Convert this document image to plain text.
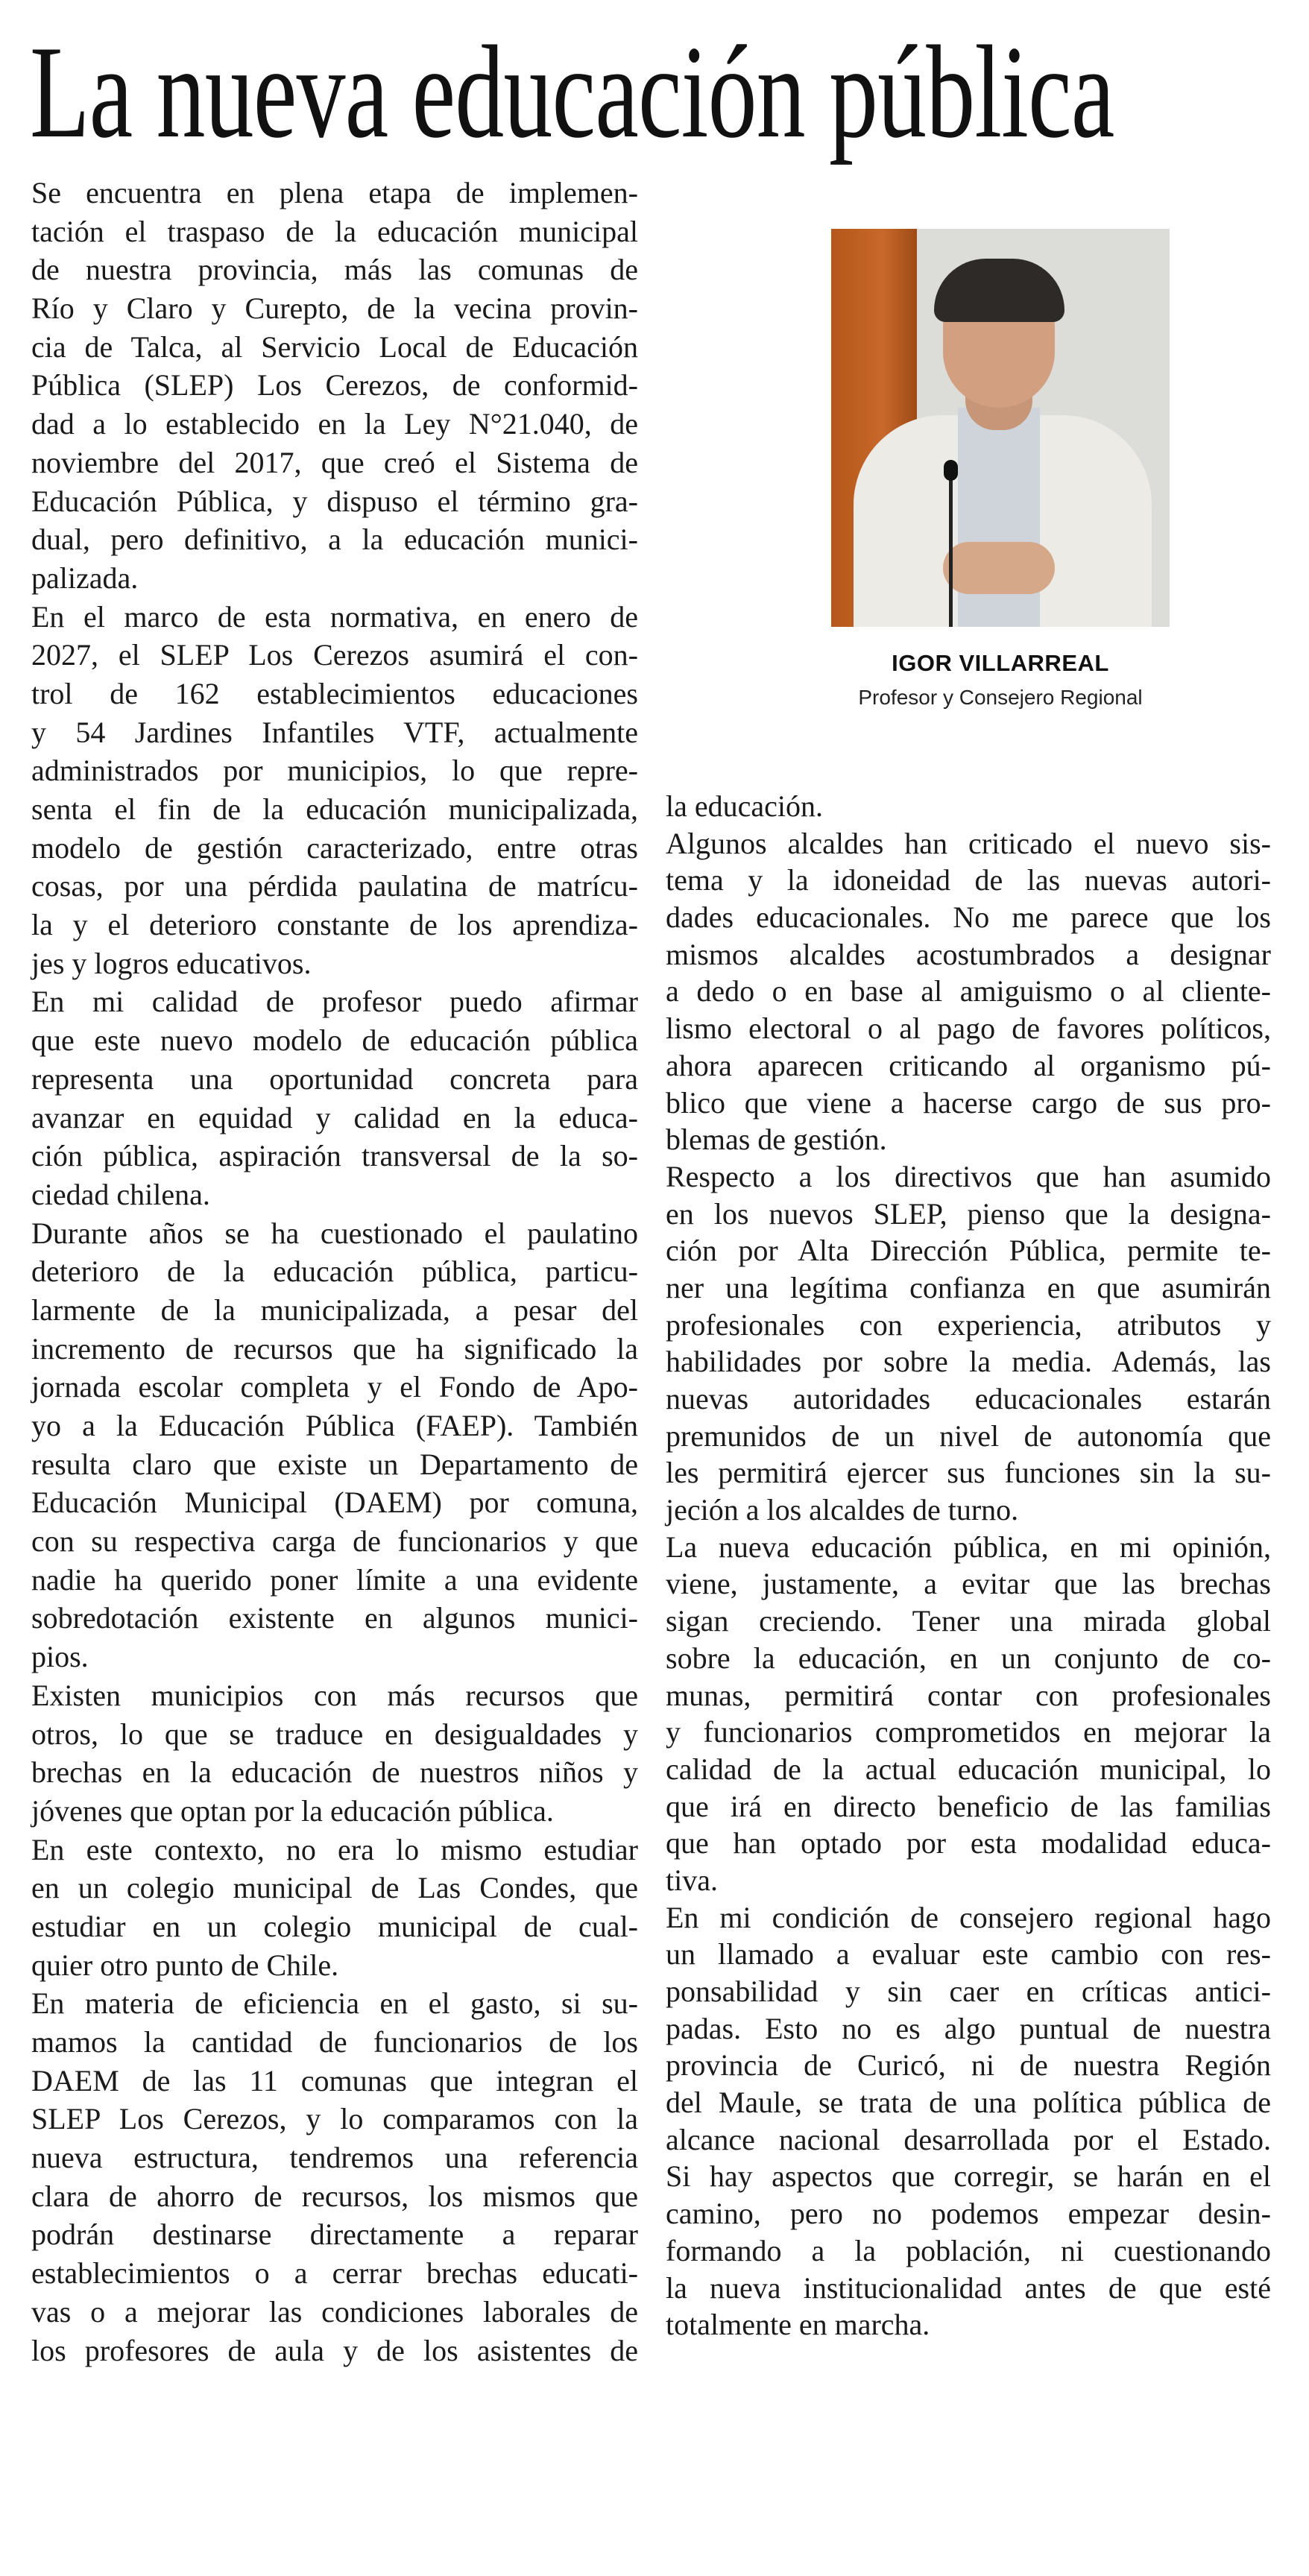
La nueva educación pública
IGOR VILLARREAL
Profesor y Consejero Regional
Se encuentra en plena etapa de implemen-
tación el traspaso de la educación municipal
de nuestra provincia, más las comunas de
Río y Claro y Curepto, de la vecina provin-
cia de Talca, al Servicio Local de Educación
Pública (SLEP) Los Cerezos, de conformid-
dad a lo establecido en la Ley N°21.040, de
noviembre del 2017, que creó el Sistema de
Educación Pública, y dispuso el término gra-
dual, pero definitivo, a la educación munici-
palizada.
En el marco de esta normativa, en enero de
2027, el SLEP Los Cerezos asumirá el con-
trol de 162 establecimientos educaciones
y 54 Jardines Infantiles VTF, actualmente
administrados por municipios, lo que repre-
senta el fin de la educación municipalizada,
modelo de gestión caracterizado, entre otras
cosas, por una pérdida paulatina de matrícu-
la y el deterioro constante de los aprendiza-
jes y logros educativos.
En mi calidad de profesor puedo afirmar
que este nuevo modelo de educación pública
representa una oportunidad concreta para
avanzar en equidad y calidad en la educa-
ción pública, aspiración transversal de la so-
ciedad chilena.
Durante años se ha cuestionado el paulatino
deterioro de la educación pública, particu-
larmente de la municipalizada, a pesar del
incremento de recursos que ha significado la
jornada escolar completa y el Fondo de Apo-
yo a la Educación Pública (FAEP). También
resulta claro que existe un Departamento de
Educación Municipal (DAEM) por comuna,
con su respectiva carga de funcionarios y que
nadie ha querido poner límite a una evidente
sobredotación existente en algunos munici-
pios.
Existen municipios con más recursos que
otros, lo que se traduce en desigualdades y
brechas en la educación de nuestros niños y
jóvenes que optan por la educación pública.
En este contexto, no era lo mismo estudiar
en un colegio municipal de Las Condes, que
estudiar en un colegio municipal de cual-
quier otro punto de Chile.
En materia de eficiencia en el gasto, si su-
mamos la cantidad de funcionarios de los
DAEM de las 11 comunas que integran el
SLEP Los Cerezos, y lo comparamos con la
nueva estructura, tendremos una referencia
clara de ahorro de recursos, los mismos que
podrán destinarse directamente a reparar
establecimientos o a cerrar brechas educati-
vas o a mejorar las condiciones laborales de
los profesores de aula y de los asistentes de
la educación.
Algunos alcaldes han criticado el nuevo sis-
tema y la idoneidad de las nuevas autori-
dades educacionales. No me parece que los
mismos alcaldes acostumbrados a designar
a dedo o en base al amiguismo o al cliente-
lismo electoral o al pago de favores políticos,
ahora aparecen criticando al organismo pú-
blico que viene a hacerse cargo de sus pro-
blemas de gestión.
Respecto a los directivos que han asumido
en los nuevos SLEP, pienso que la designa-
ción por Alta Dirección Pública, permite te-
ner una legítima confianza en que asumirán
profesionales con experiencia, atributos y
habilidades por sobre la media. Además, las
nuevas autoridades educacionales estarán
premunidos de un nivel de autonomía que
les permitirá ejercer sus funciones sin la su-
jeción a los alcaldes de turno.
La nueva educación pública, en mi opinión,
viene, justamente, a evitar que las brechas
sigan creciendo. Tener una mirada global
sobre la educación, en un conjunto de co-
munas, permitirá contar con profesionales
y funcionarios comprometidos en mejorar la
calidad de la actual educación municipal, lo
que irá en directo beneficio de las familias
que han optado por esta modalidad educa-
tiva.
En mi condición de consejero regional hago
un llamado a evaluar este cambio con res-
ponsabilidad y sin caer en críticas antici-
padas. Esto no es algo puntual de nuestra
provincia de Curicó, ni de nuestra Región
del Maule, se trata de una política pública de
alcance nacional desarrollada por el Estado.
Si hay aspectos que corregir, se harán en el
camino, pero no podemos empezar desin-
formando a la población, ni cuestionando
la nueva institucionalidad antes de que esté
totalmente en marcha.
